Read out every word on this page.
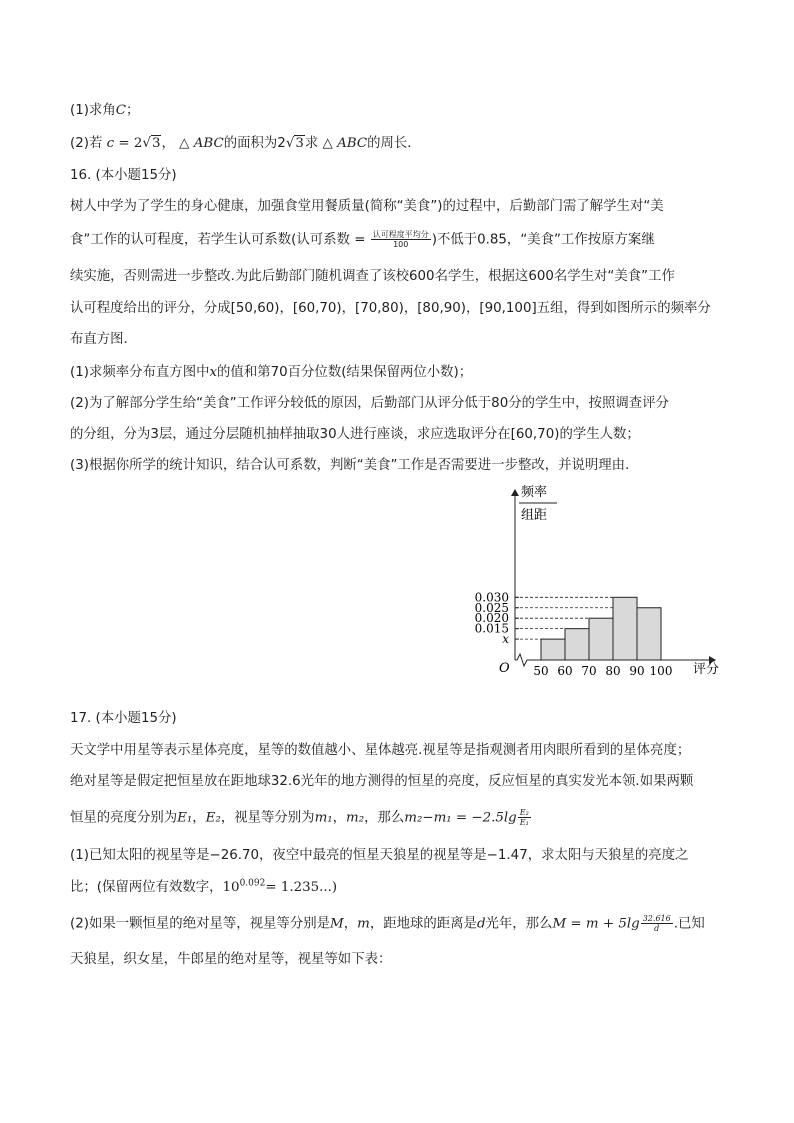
(1)求角C；
(2)若 c = 2√3， △ ABC的面积为2√3求 △ ABC的周长．
16. (本小题15分)
树人中学为了学生的身心健康，加强食堂用餐质量(简称“美食”)的过程中，后勤部门需了解学生对“美
食”工作的认可程度，若学生认可系数(认可系数 = $\frac{\text{认可程度平均分}}{100}$ )不低于0.85，“美食”工作按原方案继
续实施，否则需进一步整改.为此后勤部门随机调查了该校600名学生，根据这600名学生对“美食”工作
认可程度给出的评分，分成[50,60)，[60,70)，[70,80)，[80,90)，[90,100]五组，得到如图所示的频率分
布直方图．
(1)求频率分布直方图中x的值和第70百分位数(结果保留两位小数)；
(2)为了解部分学生给“美食”工作评分较低的原因，后勤部门从评分低于80分的学生中，按照调查评分
的分组，分为3层，通过分层随机抽样抽取30人进行座谈，求应选取评分在[60,70)的学生人数；
(3)根据你所学的统计知识，结合认可系数，判断“美食”工作是否需要进一步整改，并说明理由．
O
频率
组距
评分
x
0.015
0.020
0.025
0.030
50 60 70 80 90 100
17. (本小题15分)
天文学中用星等表示星体亮度，星等的数值越小、星体越亮.视星等是指观测者用肉眼所看到的星体亮度；
绝对星等是假定把恒星放在距地球32.6光年的地方测得的恒星的亮度，反应恒星的真实发光本领.如果两颗
恒星的亮度分别为E₁，E₂，视星等分别为m₁，m₂，那么$m_2-m_1 = -2.5\lg \frac{\text{E₂}}{\text{E₁}}$
(1)已知太阳的视星等是−26.70，夜空中最亮的恒星天狼星的视星等是−1.47，求太阳与天狼星的亮度之
比；(保留两位有效数字，$10^{0.092}= 1.235$...)
(2)如果一颗恒星的绝对星等，视星等分别是M，m，距地球的距离是d光年，那么$M = m + 5\lg \frac{32.616}{d}$ .已知
天狼星，织女星，牛郎星的绝对星等，视星等如下表：
